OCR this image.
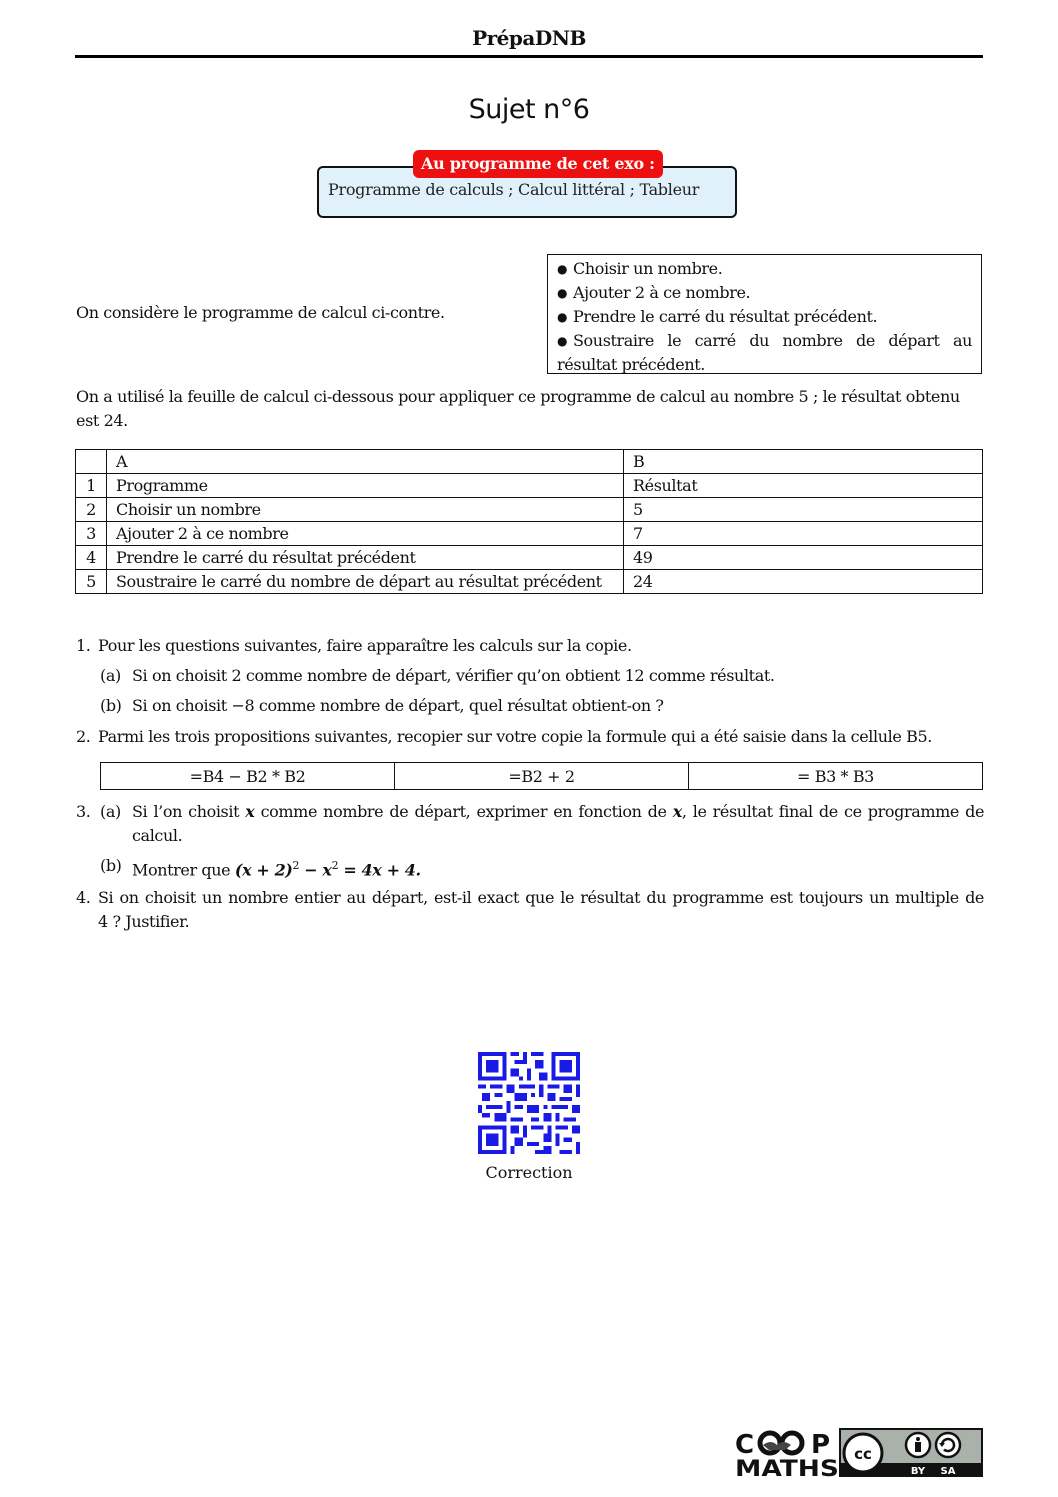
PrépaDNB
Sujet n°6
Au programme de cet exo :
Programme de calculs ; Calcul littéral ; Tableur
On considère le programme de calcul ci-contre.

● Choisir un nombre.

● Ajouter 2 à ce nombre.

● Prendre le carré du résultat précédent.

● Soustraire le carré du nombre de départ au

résultat précédent.

On a utilisé la feuille de calcul ci-dessous pour appliquer ce programme de calcul au nombre 5 ; le résultat obtenu est 24.
	A	B
1	Programme	Résultat
2	Choisir un nombre	5
3	Ajouter 2 à ce nombre	7
4	Prendre le carré du résultat précédent	49
5	Soustraire le carré du nombre de départ au résultat précédent	24
1. Pour les questions suivantes, faire apparaître les calculs sur la copie.
(a) Si on choisit 2 comme nombre de départ, vérifier qu’on obtient 12 comme résultat.
(b) Si on choisit −8 comme nombre de départ, quel résultat obtient-on ?
2. Parmi les trois propositions suivantes, recopier sur votre copie la formule qui a été saisie dans la cellule B5.
3. (a) Si l’on choisit x comme nombre de départ, exprimer en fonction de x, le résultat final de ce programme de
calcul.
(b) Montrer que $(x + 2)^2 - x^2 = 4x + 4$.
4. Si on choisit un nombre entier au départ, est-il exact que le résultat du programme est toujours un multiple de
4 ? Justifier.
=B4 − B2 * B2	=B2 + 2	= B3 * B3
Correction
C P
MATHS
cc
BY SA
